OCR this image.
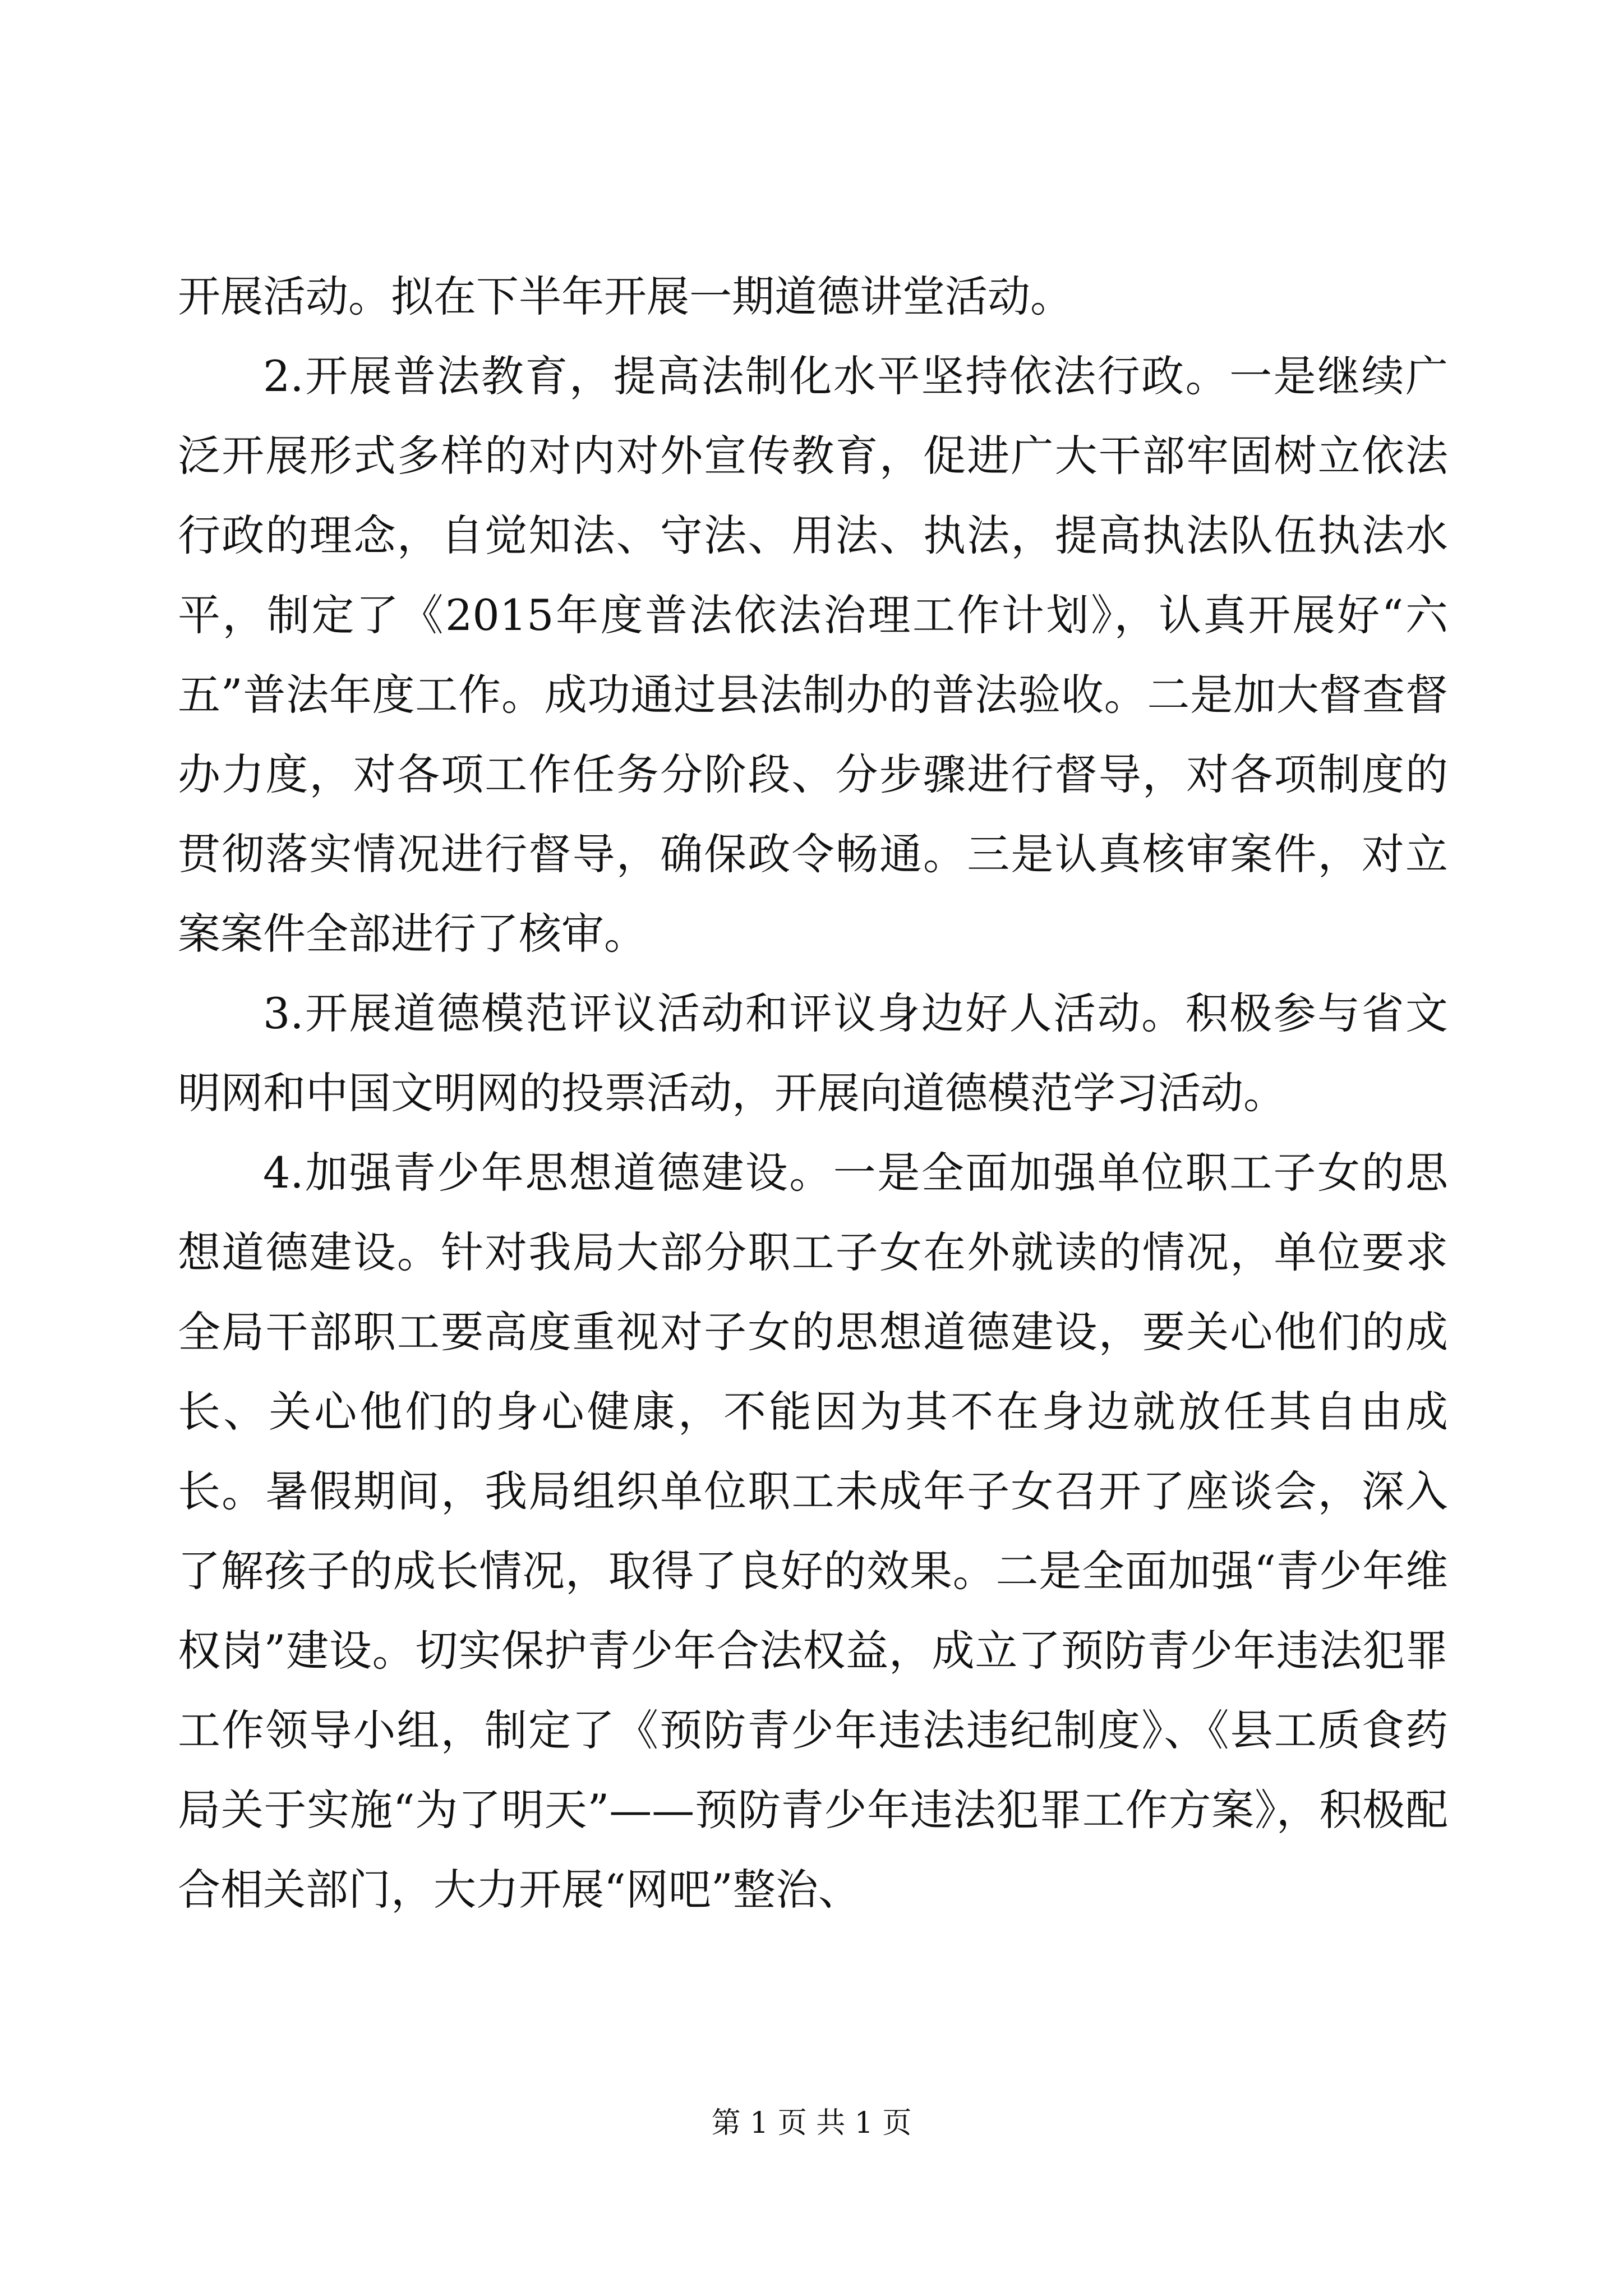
开展活动。拟在下半年开展一期道德讲堂活动。

2.开展普法教育，提高法制化水平坚持依法行政。一是继续广泛开展形式多样的对内对外宣传教育，促进广大干部牢固树立依法行政的理念，自觉知法、守法、用法、执法，提高执法队伍执法水平，制定了《2015年度普法依法治理工作计划》，认真开展好“六五”普法年度工作。成功通过县法制办的普法验收。二是加大督查督办力度，对各项工作任务分阶段、分步骤进行督导，对各项制度的贯彻落实情况进行督导，确保政令畅通。三是认真核审案件，对立案案件全部进行了核审。

3.开展道德模范评议活动和评议身边好人活动。积极参与省文明网和中国文明网的投票活动，开展向道德模范学习活动。

4.加强青少年思想道德建设。一是全面加强单位职工子女的思想道德建设。针对我局大部分职工子女在外就读的情况，单位要求全局干部职工要高度重视对子女的思想道德建设，要关心他们的成长、关心他们的身心健康，不能因为其不在身边就放任其自由成长。暑假期间，我局组织单位职工未成年子女召开了座谈会，深入了解孩子的成长情况，取得了良好的效果。二是全面加强“青少年维权岗”建设。切实保护青少年合法权益，成立了预防青少年违法犯罪工作领导小组，制定了《预防青少年违法违纪制度》、《县工质食药局关于实施“为了明天”——预防青少年违法犯罪工作方案》，积极配合相关部门，大力开展“网吧”整治、

第 1 页 共 1 页
